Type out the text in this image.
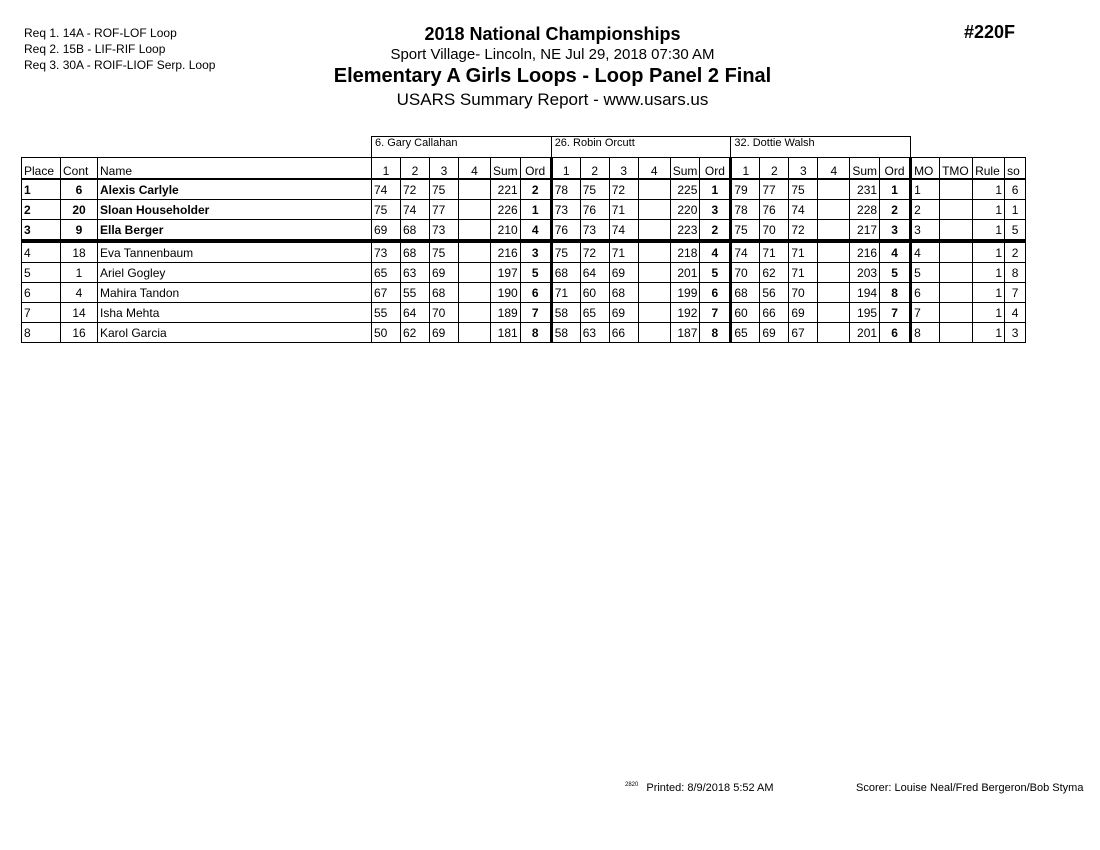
Req 1. 14A - ROF-LOF Loop
Req 2. 15B - LIF-RIF Loop
Req 3. 30A - ROIF-LIOF Serp. Loop
2018 National Championships
Sport Village- Lincoln, NE Jul 29, 2018 07:30 AM
Elementary A Girls Loops - Loop Panel 2 Final
USARS Summary Report - www.usars.us
#220F
			6. Gary Callahan						26. Robin Orcutt						32. Dottie Walsh									
Place	Cont	Name	1	2	3	4	Sum	Ord	1	2	3	4	Sum	Ord	1	2	3	4	Sum	Ord	MO	TMO	Rule	so
1	6	Alexis Carlyle	74	72	75		221	2	78	75	72		225	1	79	77	75		231	1	1		1	6
2	20	Sloan Householder	75	74	77		226	1	73	76	71		220	3	78	76	74		228	2	2		1	1
3	9	Ella Berger	69	68	73		210	4	76	73	74		223	2	75	70	72		217	3	3		1	5
4	18	Eva Tannenbaum	73	68	75		216	3	75	72	71		218	4	74	71	71		216	4	4		1	2
5	1	Ariel Gogley	65	63	69		197	5	68	64	69		201	5	70	62	71		203	5	5		1	8
6	4	Mahira Tandon	67	55	68		190	6	71	60	68		199	6	68	56	70		194	8	6		1	7
7	14	Isha Mehta	55	64	70		189	7	58	65	69		192	7	60	66	69		195	7	7		1	4
8	16	Karol Garcia	50	62	69		181	8	58	63	66		187	8	65	69	67		201	6	8		1	3
$^{2820}$ Printed: 8/9/2018 5:52 AM	Scorer: Louise Neal/Fred Bergeron/Bob Styma
